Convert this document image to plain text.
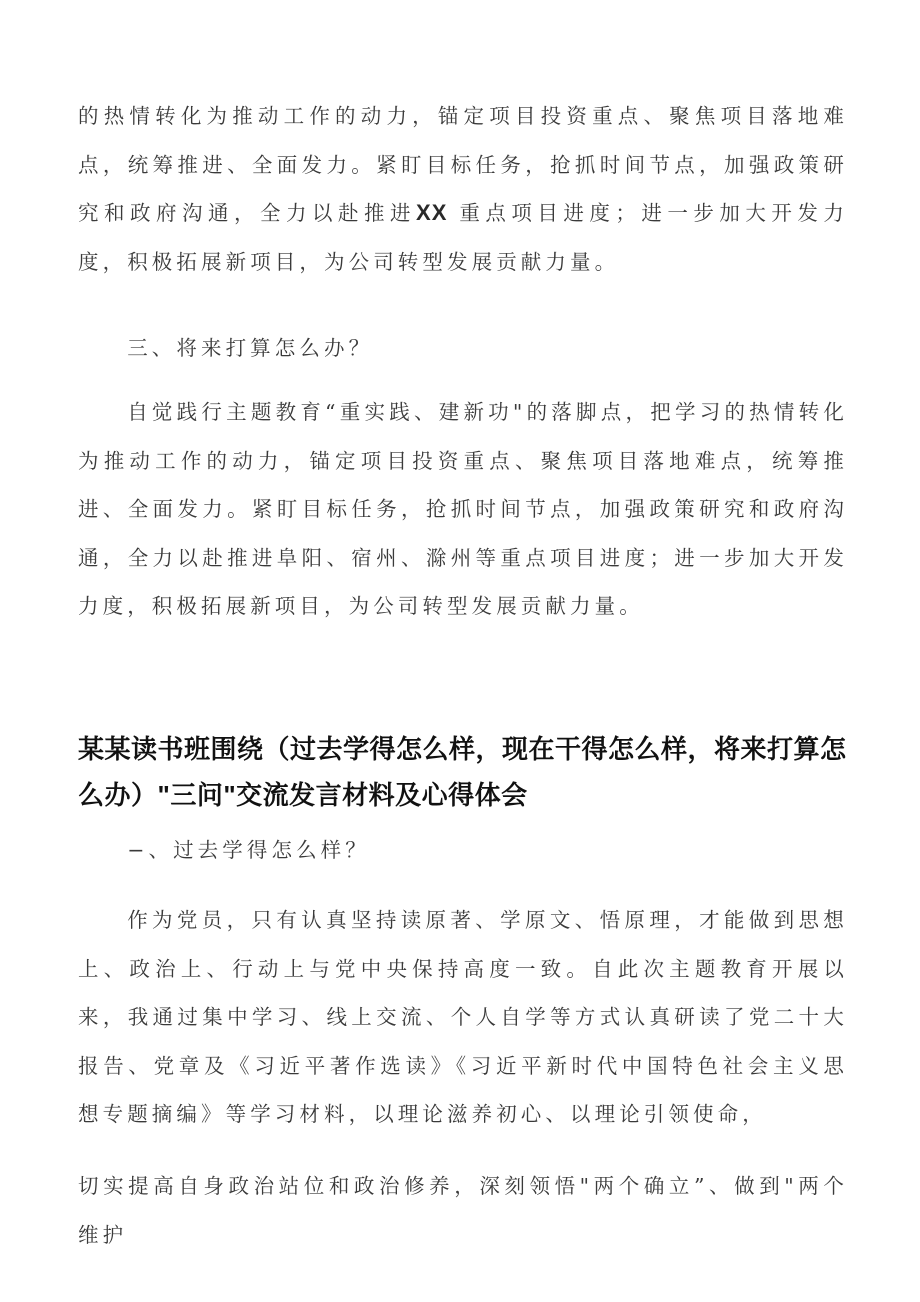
的热情转化为推动工作的动力，锚定项目投资重点、聚焦项目落地难点，统筹推进、全面发力。紧盯目标任务，抢抓时间节点，加强政策研究和政府沟通，全力以赴推进XX 重点项目进度；进一步加大开发力度，积极拓展新项目，为公司转型发展贡献力量。

三、将来打算怎么办？

自觉践行主题教育“重实践、建新功"的落脚点，把学习的热情转化为推动工作的动力，锚定项目投资重点、聚焦项目落地难点，统筹推进、全面发力。紧盯目标任务，抢抓时间节点，加强政策研究和政府沟通，全力以赴推进阜阳、宿州、滁州等重点项目进度；进一步加大开发力度，积极拓展新项目，为公司转型发展贡献力量。

某某读书班围绕（过去学得怎么样，现在干得怎么样，将来打算怎么办）"三问"交流发言材料及心得体会

−、过去学得怎么样？

作为党员，只有认真坚持读原著、学原文、悟原理，才能做到思想上、政治上、行动上与党中央保持高度一致。自此次主题教育开展以来，我通过集中学习、线上交流、个人自学等方式认真研读了党二十大报告、党章及《习近平著作选读》《习近平新时代中国特色社会主义思想专题摘编》等学习材料，以理论滋养初心、以理论引领使命，

切实提高自身政治站位和政治修养，深刻领悟"两个确立”、做到"两个维护
